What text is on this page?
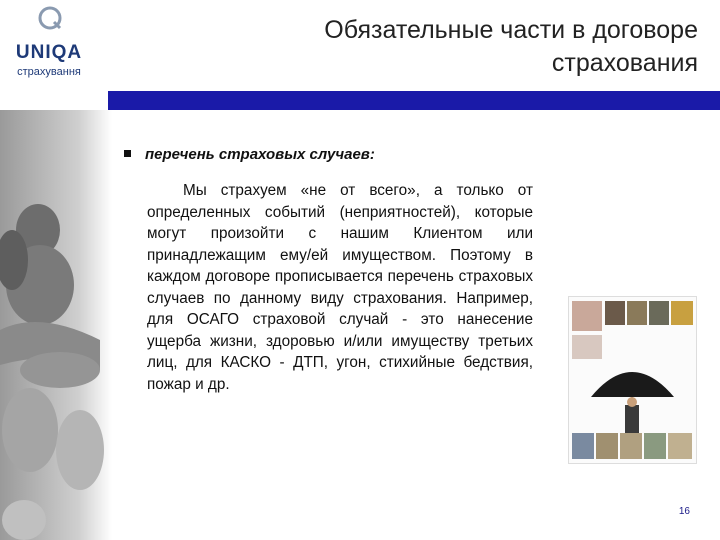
UNIQA
страхування
Обязательные части в договоре страхования
перечень страховых случаев:
Мы страхуем «не от всего», а только от определенных событий (неприятностей), которые могут произойти с нашим Клиентом или принадлежащим ему/ей имуществом. Поэтому в каждом договоре прописывается перечень страховых случаев по данному виду страхования. Например, для ОСАГО страховой случай - это нанесение ущерба жизни, здоровью и/или имуществу третьих лиц, для КАСКО - ДТП, угон, стихийные бедствия, пожар и др.
16
